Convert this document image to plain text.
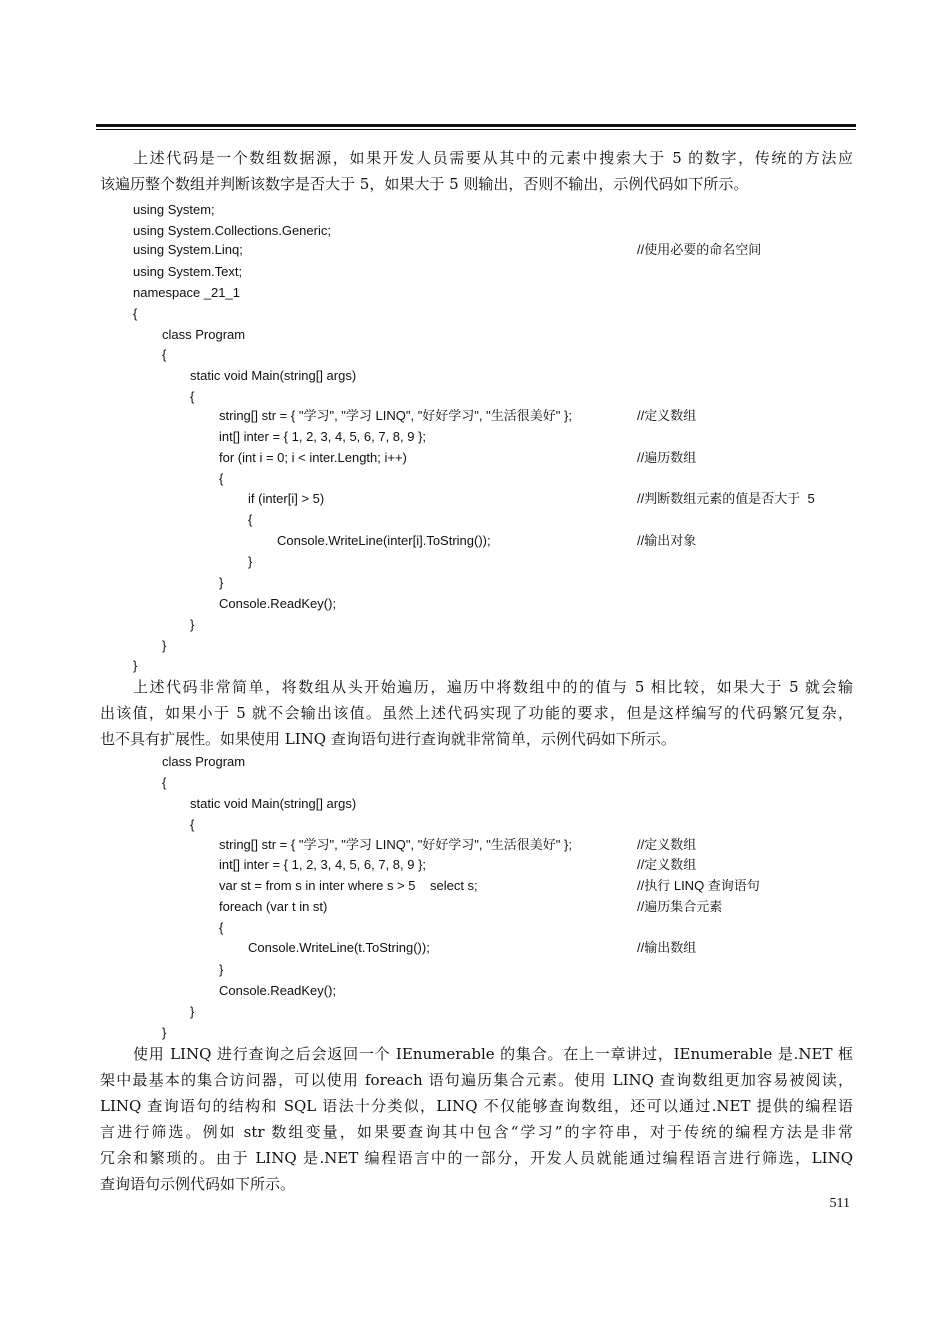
上述代码是一个数组数据源，如果开发人员需要从其中的元素中搜索大于 5 的数字，传统的方法应
该遍历整个数组并判断该数字是否大于 5，如果大于 5 则输出，否则不输出，示例代码如下所示。

using System;
using System.Collections.Generic;
using System.Linq;	//使用必要的命名空间
using System.Text;
namespace _21_1
{
class Program
{
static void Main(string[] args)
{
string[] str = { "学习", "学习 LINQ", "好好学习", "生活很美好" };	//定义数组
int[] inter = { 1, 2, 3, 4, 5, 6, 7, 8, 9 };
for (int i = 0; i < inter.Length; i++)	//遍历数组
{
if (inter[i] > 5)	//判断数组元素的值是否大于  5
{
Console.WriteLine(inter[i].ToString());	//输出对象
}
}
Console.ReadKey();
}
}
}

上述代码非常简单，将数组从头开始遍历，遍历中将数组中的的值与 5 相比较，如果大于 5 就会输
出该值，如果小于 5 就不会输出该值。虽然上述代码实现了功能的要求，但是这样编写的代码繁冗复杂，
也不具有扩展性。如果使用 LINQ 查询语句进行查询就非常简单，示例代码如下所示。

class Program
{
static void Main(string[] args)
{
string[] str = { "学习", "学习 LINQ", "好好学习", "生活很美好" };	//定义数组
int[] inter = { 1, 2, 3, 4, 5, 6, 7, 8, 9 };	//定义数组
var st = from s in inter where s > 5    select s;	//执行 LINQ 查询语句
foreach (var t in st)	//遍历集合元素
{
Console.WriteLine(t.ToString());	//输出数组
}
Console.ReadKey();
}
}

使用 LINQ 进行查询之后会返回一个 IEnumerable 的集合。在上一章讲过，IEnumerable 是.NET 框
架中最基本的集合访问器，可以使用 foreach 语句遍历集合元素。使用 LINQ 查询数组更加容易被阅读，
LINQ 查询语句的结构和 SQL 语法十分类似，LINQ 不仅能够查询数组，还可以通过.NET 提供的编程语
言进行筛选。例如 str 数组变量，如果要查询其中包含“学习”的字符串，对于传统的编程方法是非常
冗余和繁琐的。由于 LINQ 是.NET 编程语言中的一部分，开发人员就能通过编程语言进行筛选，LINQ
查询语句示例代码如下所示。

511
